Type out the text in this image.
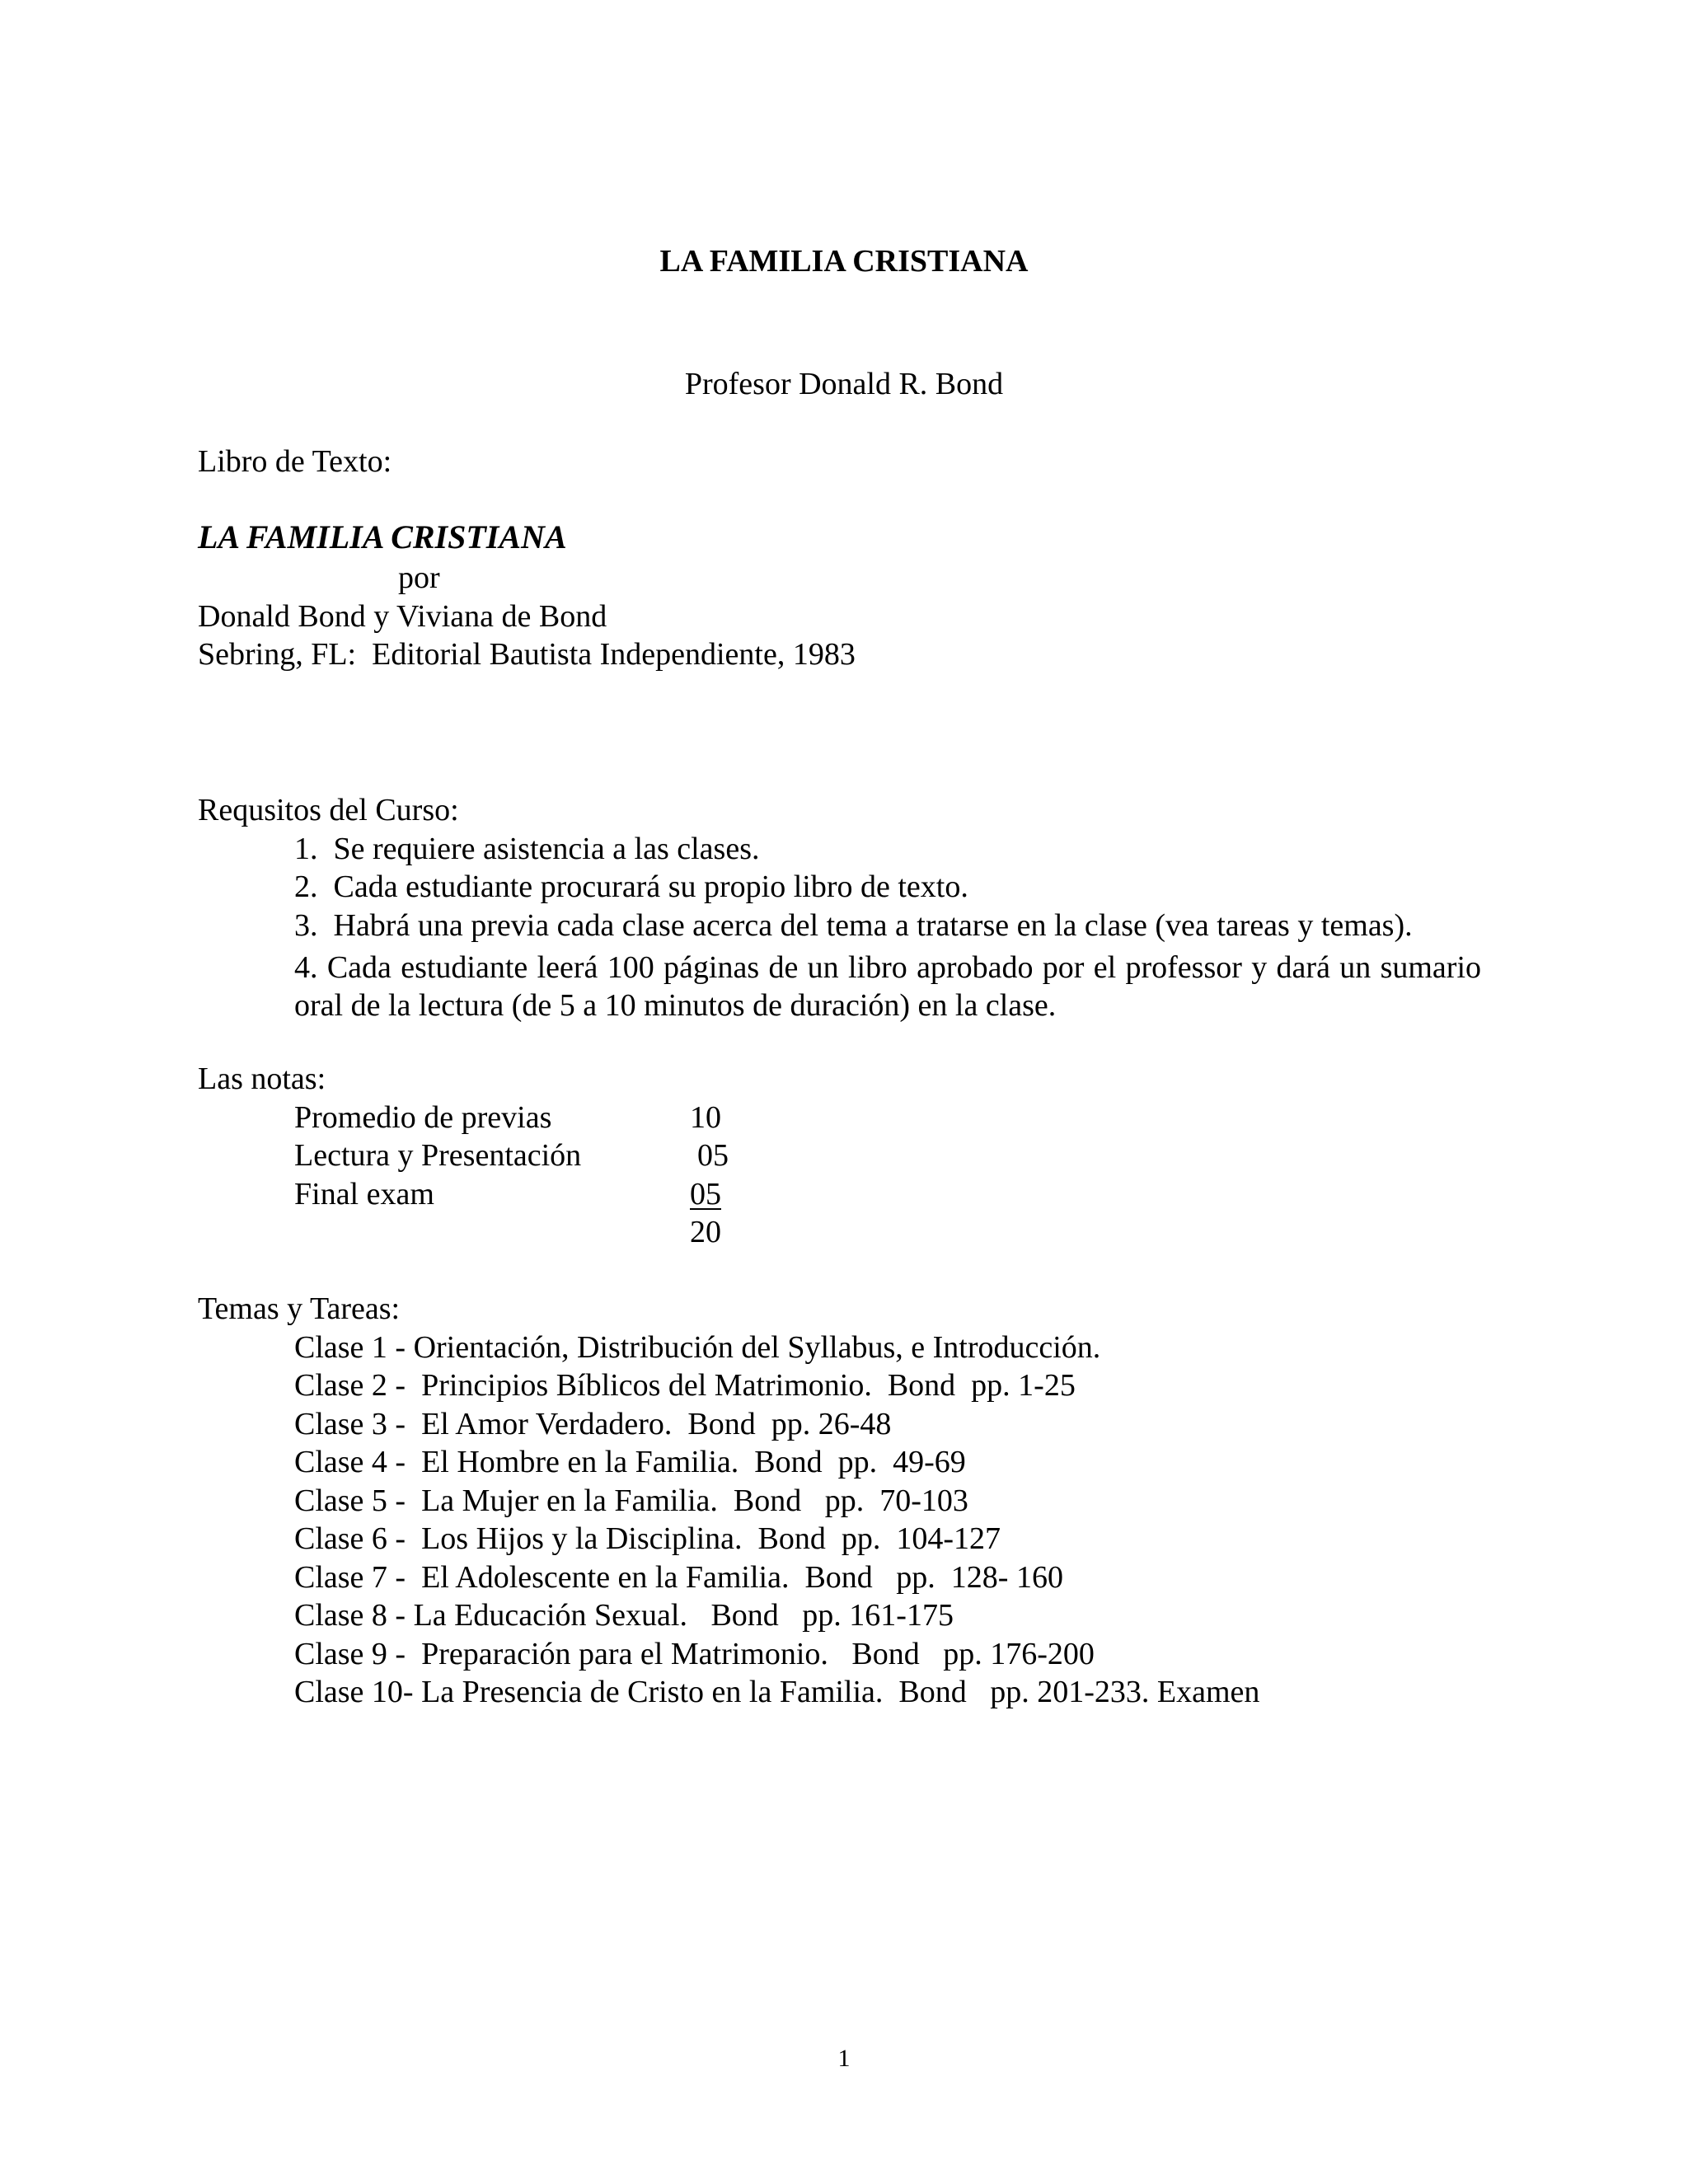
LA FAMILIA CRISTIANA
Profesor Donald R. Bond
Libro de Texto:
LA FAMILIA CRISTIANA
por
Donald Bond y Viviana de Bond
Sebring, FL:  Editorial Bautista Independiente, 1983
Requsitos del Curso:
1.  Se requiere asistencia a las clases.
2.  Cada estudiante procurará su propio libro de texto.
3.  Habrá una previa cada clase acerca del tema a tratarse en la clase (vea tareas y temas).
4. Cada estudiante leerá 100 páginas de un libro aprobado por el professor y dará un sumario oral de la lectura (de 5 a 10 minutos de duración) en la clase.
Las notas:
Promedio de previas	10
Lectura y Presentación	05
Final exam	05
20
Temas y Tareas:
Clase 1 - Orientación, Distribución del Syllabus, e Introducción.
Clase 2 -  Principios Bíblicos del Matrimonio.  Bond  pp. 1-25
Clase 3 -  El Amor Verdadero.  Bond  pp. 26-48
Clase 4 -  El Hombre en la Familia.  Bond  pp.  49-69
Clase 5 -  La Mujer en la Familia.  Bond   pp.  70-103
Clase 6 -  Los Hijos y la Disciplina.  Bond  pp.  104-127
Clase 7 -  El Adolescente en la Familia.  Bond   pp.  128- 160
Clase 8 - La Educación Sexual.   Bond   pp. 161-175
Clase 9 -  Preparación para el Matrimonio.   Bond   pp. 176-200
Clase 10- La Presencia de Cristo en la Familia.  Bond   pp. 201-233. Examen
1
